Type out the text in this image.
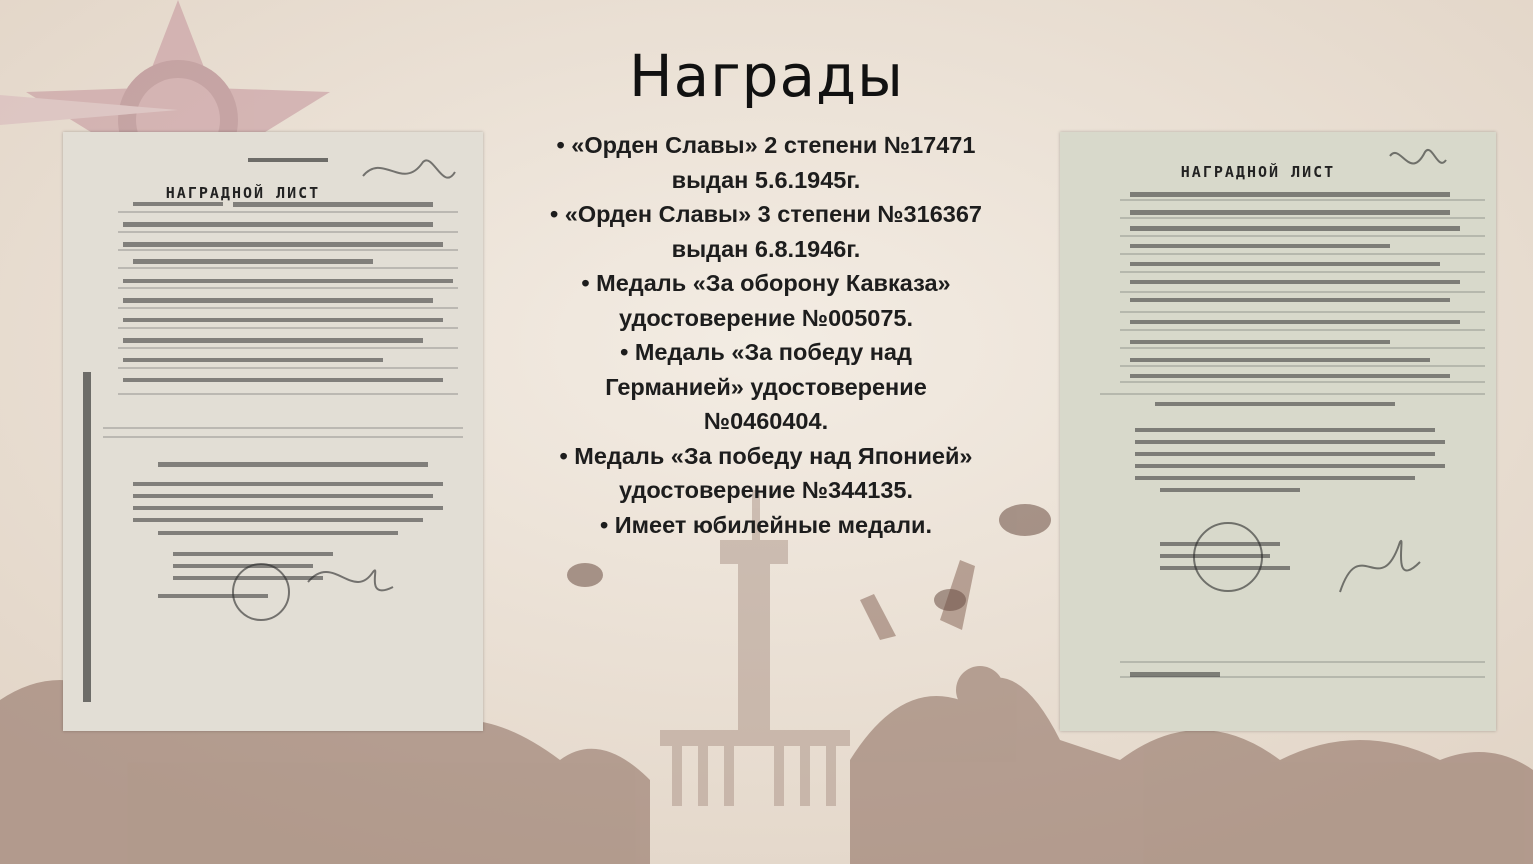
Награды
• «Орден Славы» 2 степени №17471 выдан 5.6.1945г.
• «Орден Славы» 3 степени №316367 выдан 6.8.1946г.
• Медаль «За оборону Кавказа» удостоверение №005075.
• Медаль «За победу над Германией» удостоверение №0460404.
• Медаль «За победу над Японией» удостоверение №344135.
• Имеет юбилейные медали.
НАГРАДНОЙ ЛИСТ
НАГРАДНОЙ ЛИСТ
